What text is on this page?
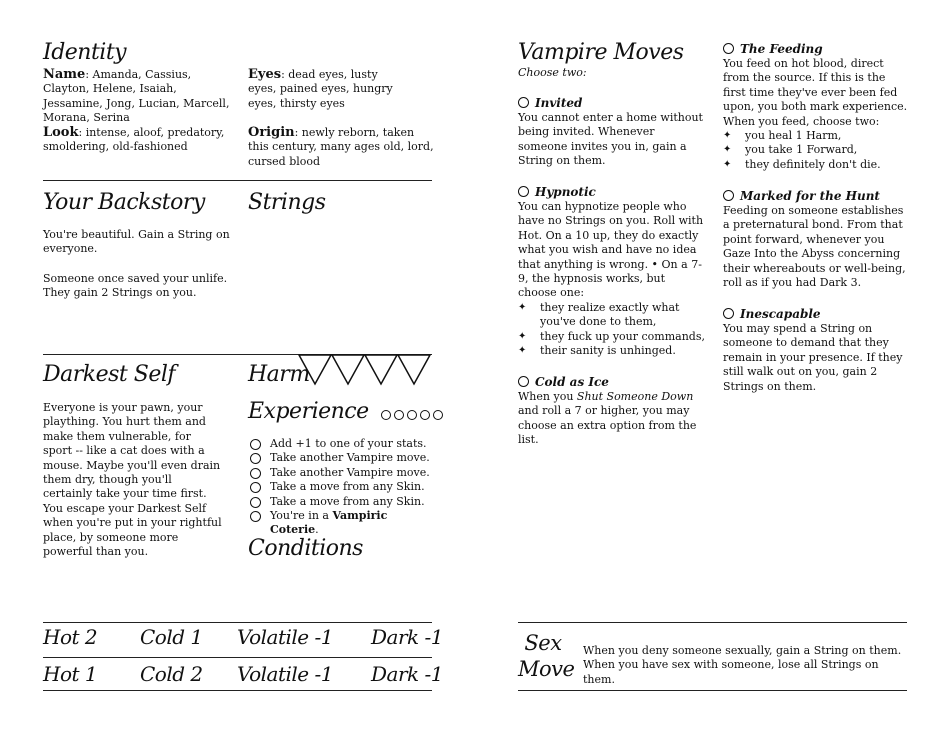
Identity
Name: Amanda, Cassius, Clayton, Helene, Isaiah, Jessamine, Jong, Lucian, Marcell, Morana, Serina
Look: intense, aloof, predatory, smoldering, old-fashioned
Eyes: dead eyes, lusty eyes, pained eyes, hungry eyes, thirsty eyes
Origin: newly reborn, taken this century, many ages old, lord, cursed blood
Your Backstory
You're beautiful. Gain a String on everyone.
Someone once saved your unlife. They gain 2 Strings on you.
Strings
Darkest Self
Everyone is your pawn, your plaything. You hurt them and make them vulnerable, for sport -- like a cat does with a mouse. Maybe you'll even drain them dry, though you'll certainly take your time first. You escape your Darkest Self when you're put in your rightful place, by someone more powerful than you.
Harm
Experience
Add +1 to one of your stats.
Take another Vampire move.
Take another Vampire move.
Take a move from any Skin.
Take a move from any Skin.
You're in a Vampiric Coterie.
Conditions
Hot 2 Cold 1 Volatile -1 Dark -1
Hot 1 Cold 2 Volatile -1 Dark -1
Vampire Moves
Choose two:
Invited
You cannot enter a home without being invited. Whenever someone invites you in, gain a String on them.
Hypnotic
You can hypnotize people who have no Strings on you. Roll with Hot. On a 10 up, they do exactly what you wish and have no idea that anything is wrong. • On a 7-9, the hypnosis works, but choose one:
✦ they realize exactly what you've done to them,
✦ they fuck up your commands,
✦ their sanity is unhinged.
Cold as Ice
When you Shut Someone Down and roll a 7 or higher, you may choose an extra option from the list.
The Feeding
You feed on hot blood, direct from the source. If this is the first time they've ever been fed upon, you both mark experience. When you feed, choose two:
✦ you heal 1 Harm,
✦ you take 1 Forward,
✦ they definitely don't die.
Marked for the Hunt
Feeding on someone establishes a preternatural bond. From that point forward, whenever you Gaze Into the Abyss concerning their whereabouts or well-being, roll as if you had Dark 3.
Inescapable
You may spend a String on someone to demand that they remain in your presence. If they still walk out on you, gain 2 Strings on them.
Sex
Move
When you deny someone sexually, gain a String on them.
When you have sex with someone, lose all Strings on them.
